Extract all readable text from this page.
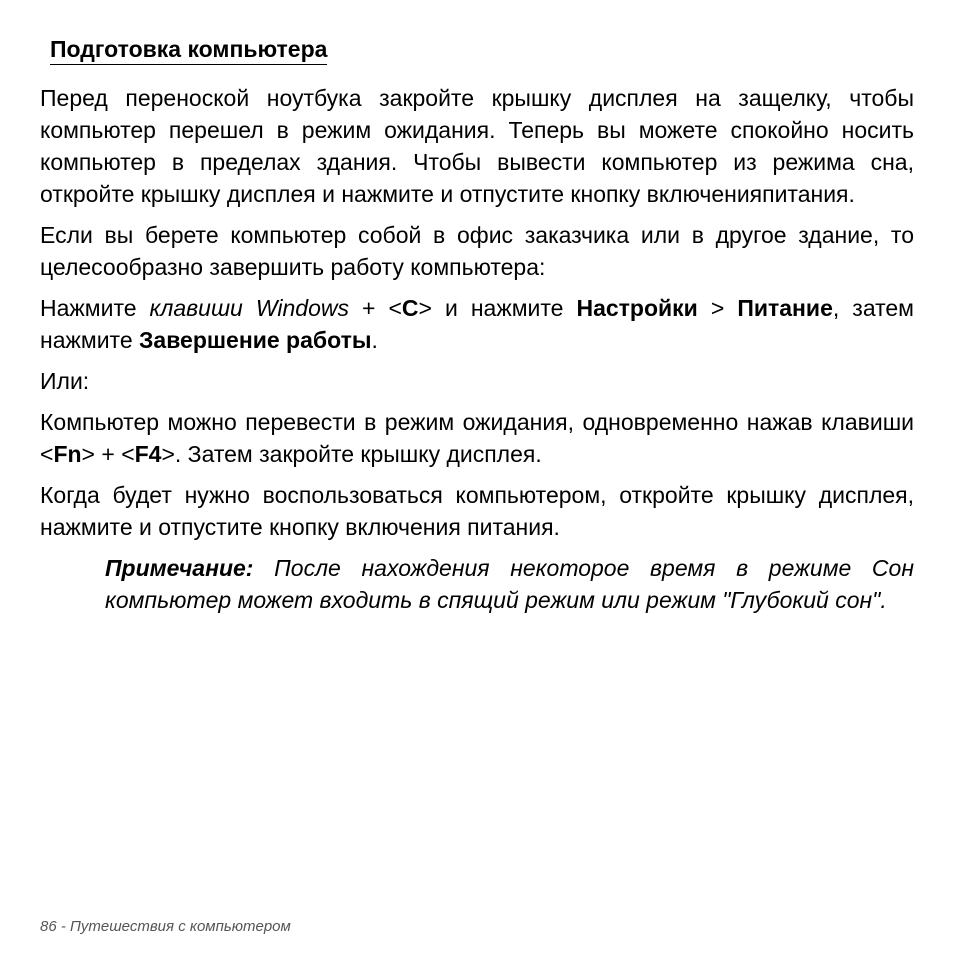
Подготовка компьютера

Перед переноской ноутбука закройте крышку дисплея на защелку, чтобы компьютер перешел в режим ожидания. Теперь вы можете спокойно носить компьютер в пределах здания. Чтобы вывести компьютер из режима сна, откройте крышку дисплея и нажмите и отпустите кнопку включенияпитания.

Если вы берете компьютер собой в офис заказчика или в другое здание, то целесообразно завершить работу компьютера:

Нажмите клавиши Windows + <C> и нажмите Настройки > Питание, затем нажмите Завершение работы.

Или:

Компьютер можно перевести в режим ожидания, одновременно нажав клавиши <Fn> + <F4>. Затем закройте крышку дисплея.

Когда будет нужно воспользоваться компьютером, откройте крышку дисплея, нажмите и отпустите кнопку включения питания.

Примечание: После нахождения некоторое время в режиме Сон компьютер может входить в спящий режим или режим "Глубокий сон".

86 - Путешествия с компьютером
